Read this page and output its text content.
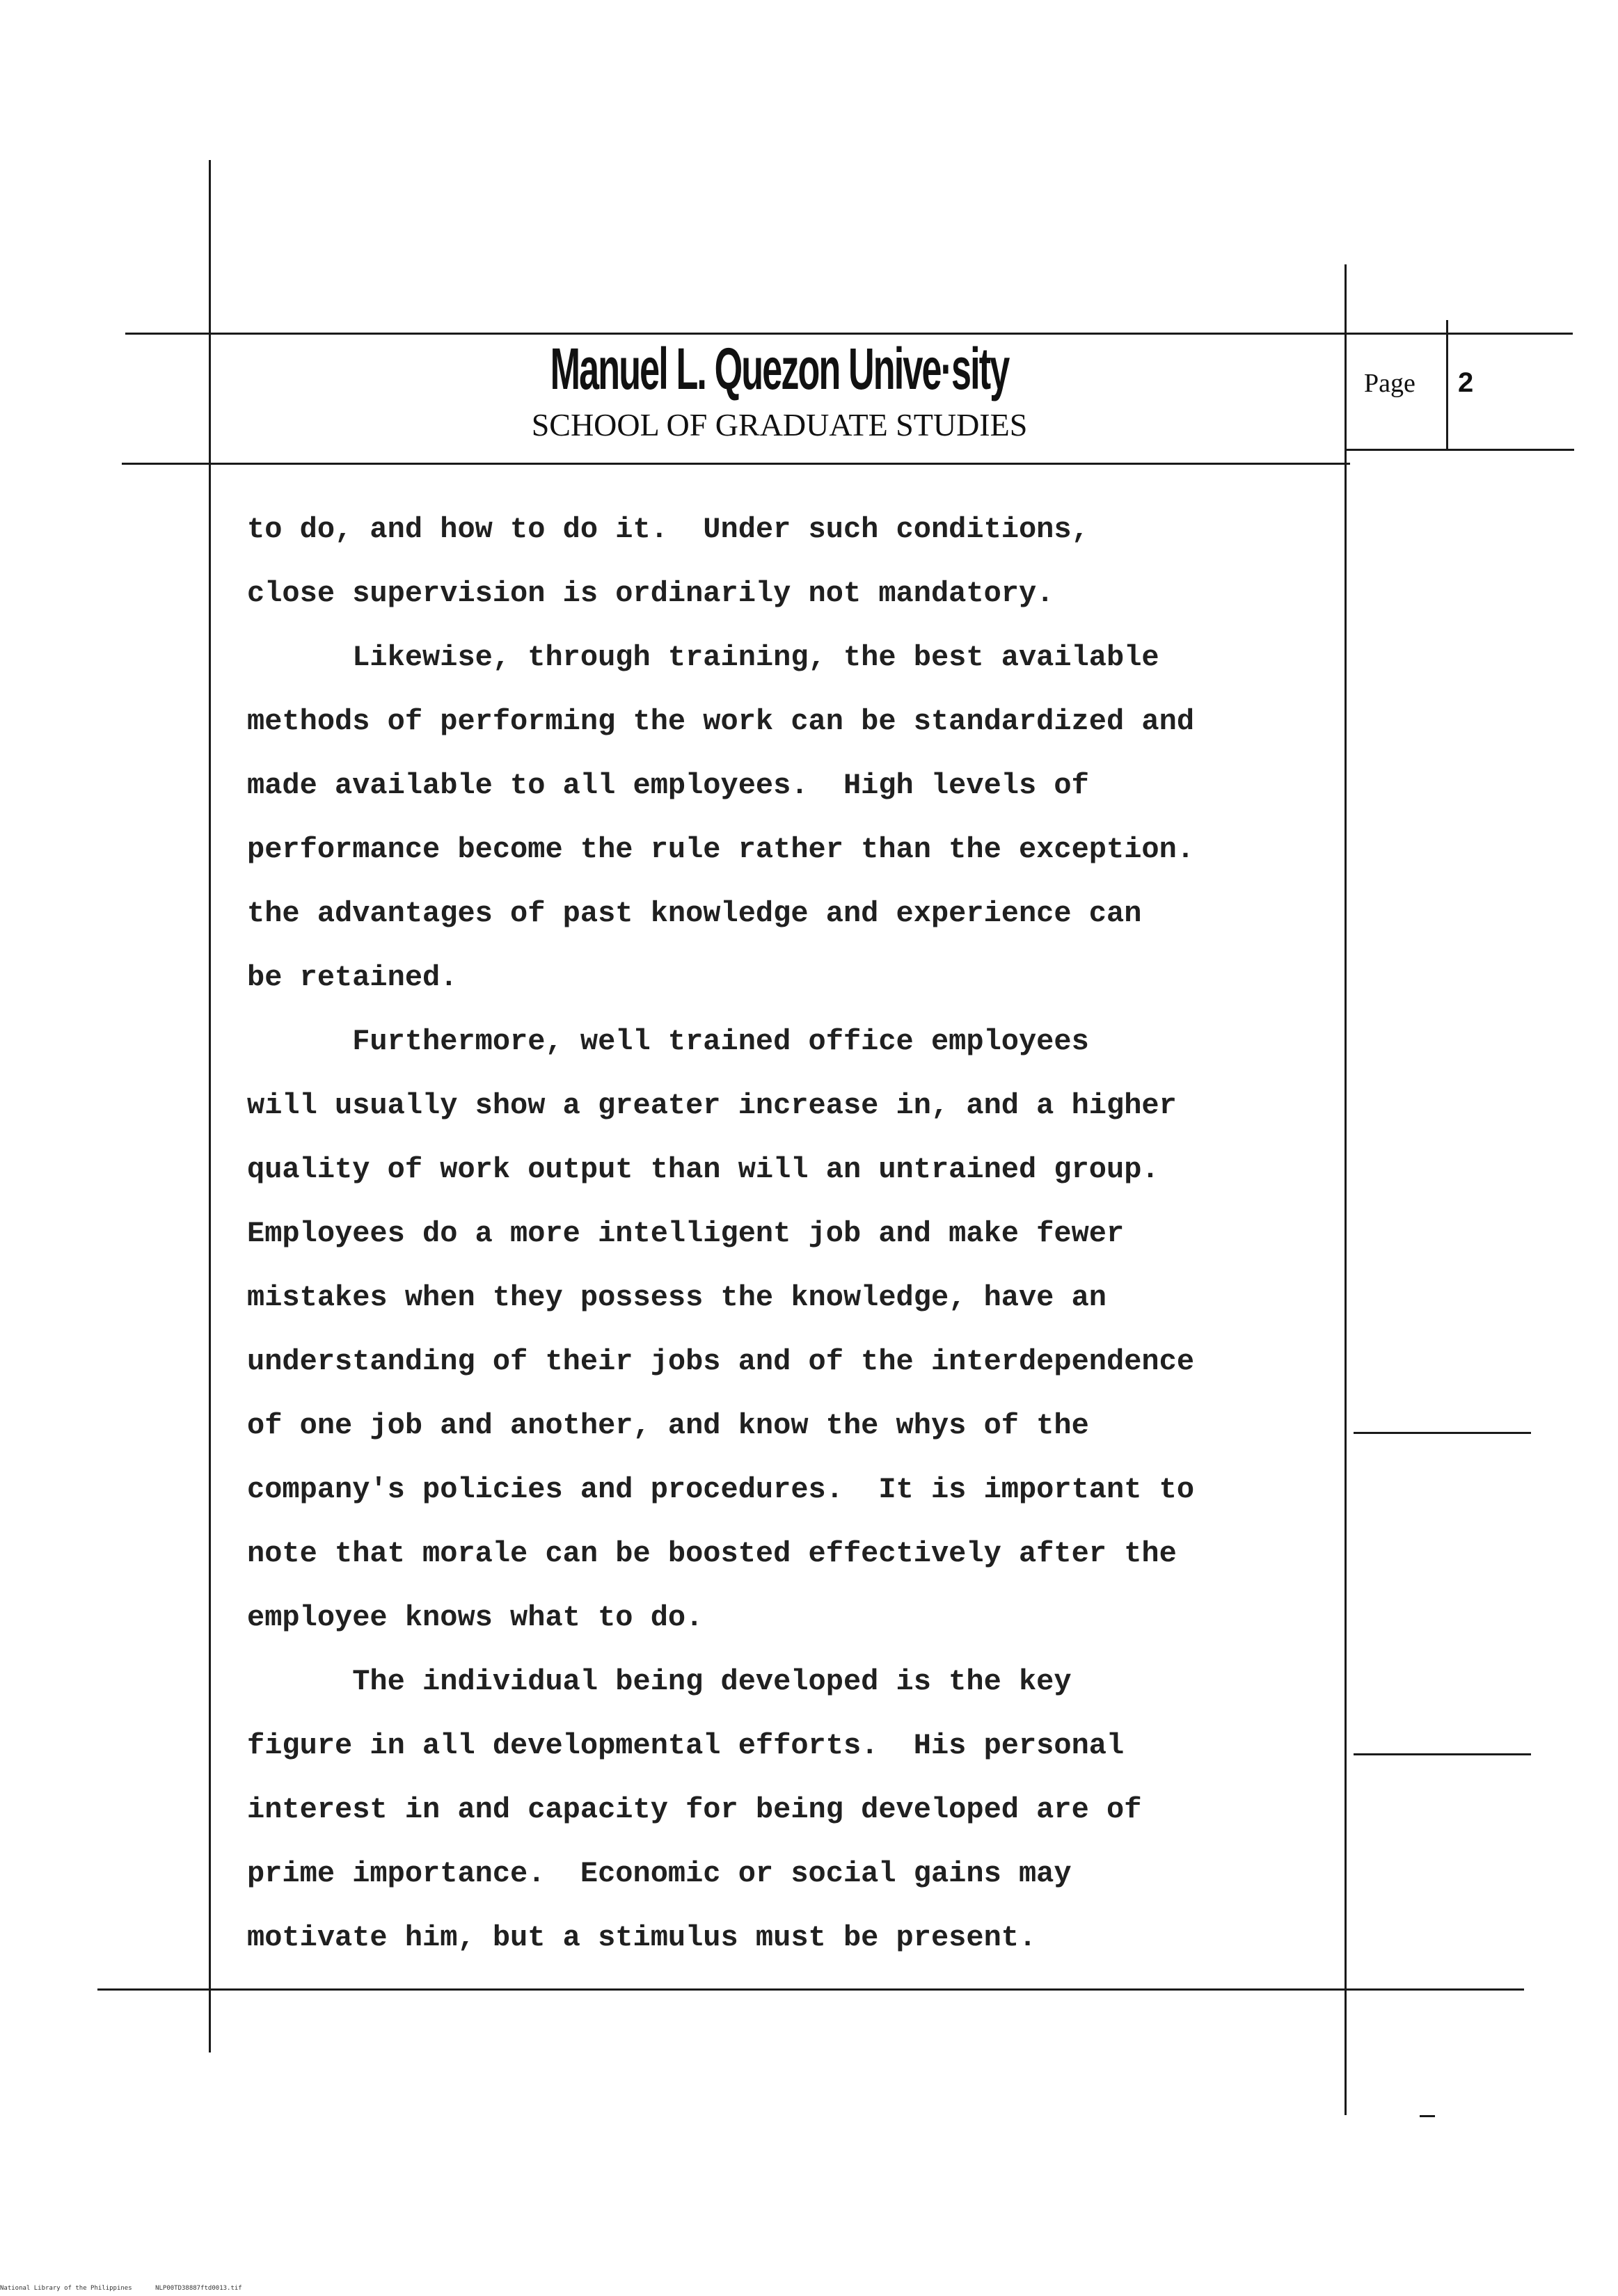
Manuel L. Quezon Unive·sity
SCHOOL OF GRADUATE STUDIES
Page	2
to do, and how to do it.  Under such conditions,
close supervision is ordinarily not mandatory.
Likewise, through training, the best available
methods of performing the work can be standardized and
made available to all employees.  High levels of
performance become the rule rather than the exception.
the advantages of past knowledge and experience can
be retained.
Furthermore, well trained office employees
will usually show a greater increase in, and a higher
quality of work output than will an untrained group.
Employees do a more intelligent job and make fewer
mistakes when they possess the knowledge, have an
understanding of their jobs and of the interdependence
of one job and another, and know the whys of the
company's policies and procedures.  It is important to
note that morale can be boosted effectively after the
employee knows what to do.
The individual being developed is the key
figure in all developmental efforts.  His personal
interest in and capacity for being developed are of
prime importance.  Economic or social gains may
motivate him, but a stimulus must be present.
National Library of the Philippines	NLP00TD38887ftd0013.tif
